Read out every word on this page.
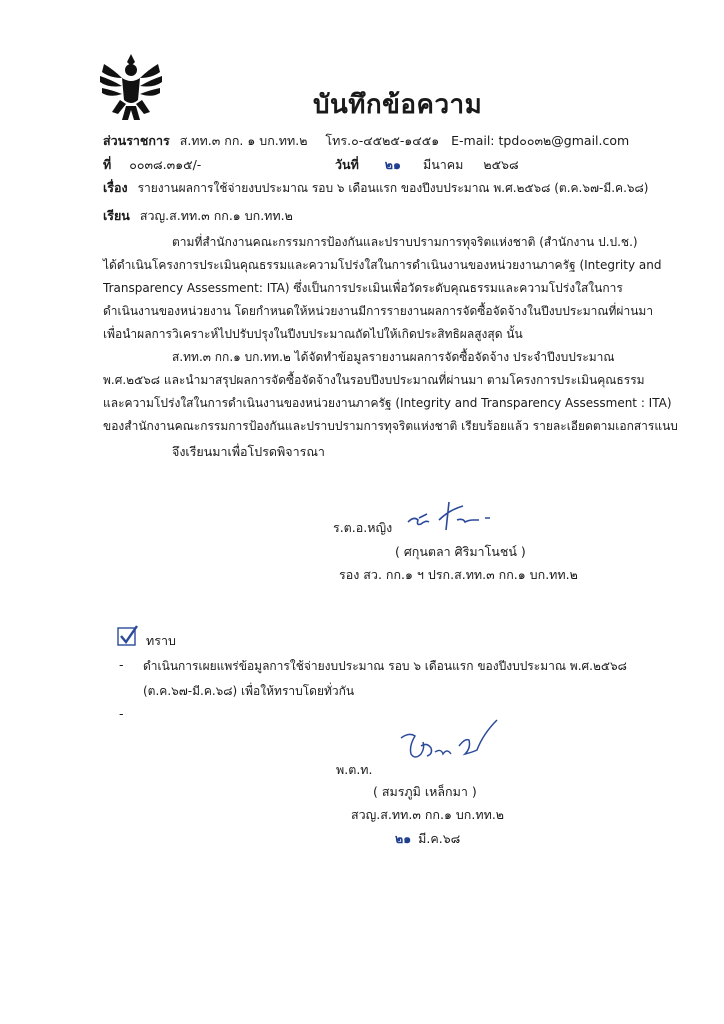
บันทึกข้อความ
ส่วนราชการ ส.ทท.๓ กก. ๑ บก.ทท.๒ โทร.๐-๔๕๒๕-๑๔๕๑ E-mail: tpd๐๐๓๒@gmail.com
ที่ ๐๐๓๘.๓๑๕/-	วันที่ ๒๑ มีนาคม ๒๕๖๘
เรื่อง รายงานผลการใช้จ่ายงบประมาณ รอบ ๖ เดือนแรก ของปีงบประมาณ พ.ศ.๒๕๖๘ (ต.ค.๖๗-มี.ค.๖๘)
เรียน สวญ.ส.ทท.๓ กก.๑ บก.ทท.๒
ตามที่สำนักงานคณะกรรมการป้องกันและปราบปรามการทุจริตแห่งชาติ (สำนักงาน ป.ป.ช.)
ได้ดำเนินโครงการประเมินคุณธรรมและความโปร่งใสในการดำเนินงานของหน่วยงานภาครัฐ (Integrity and
Transparency Assessment: ITA) ซึ่งเป็นการประเมินเพื่อวัดระดับคุณธรรมและความโปร่งใสในการ
ดำเนินงานของหน่วยงาน โดยกำหนดให้หน่วยงานมีการรายงานผลการจัดซื้อจัดจ้างในปีงบประมาณที่ผ่านมา
เพื่อนำผลการวิเคราะห์ไปปรับปรุงในปีงบประมาณถัดไปให้เกิดประสิทธิผลสูงสุด นั้น
ส.ทท.๓ กก.๑ บก.ทท.๒ ได้จัดทำข้อมูลรายงานผลการจัดซื้อจัดจ้าง ประจำปีงบประมาณ
พ.ศ.๒๕๖๘ และนำมาสรุปผลการจัดซื้อจัดจ้างในรอบปีงบประมาณที่ผ่านมา ตามโครงการประเมินคุณธรรม
และความโปร่งใสในการดำเนินงานของหน่วยงานภาครัฐ (Integrity and Transparency Assessment : ITA)
ของสำนักงานคณะกรรมการป้องกันและปราบปรามการทุจริตแห่งชาติ เรียบร้อยแล้ว รายละเอียดตามเอกสารแนบ
จึงเรียนมาเพื่อโปรดพิจารณา
ร.ต.อ.หญิง
( ศกุนตลา ศิริมาโนชน์ )
รอง สว. กก.๑ ฯ ปรก.ส.ทท.๓ กก.๑ บก.ทท.๒
ทราบ
- ดำเนินการเผยแพร่ข้อมูลการใช้จ่ายงบประมาณ รอบ ๖ เดือนแรก ของปีงบประมาณ พ.ศ.๒๕๖๘
(ต.ค.๖๗-มี.ค.๖๘) เพื่อให้ทราบโดยทั่วกัน
-
พ.ต.ท.
( สมรภูมิ เหล็กมา )
สวญ.ส.ทท.๓ กก.๑ บก.ทท.๒
๒๑ มี.ค.๖๘
